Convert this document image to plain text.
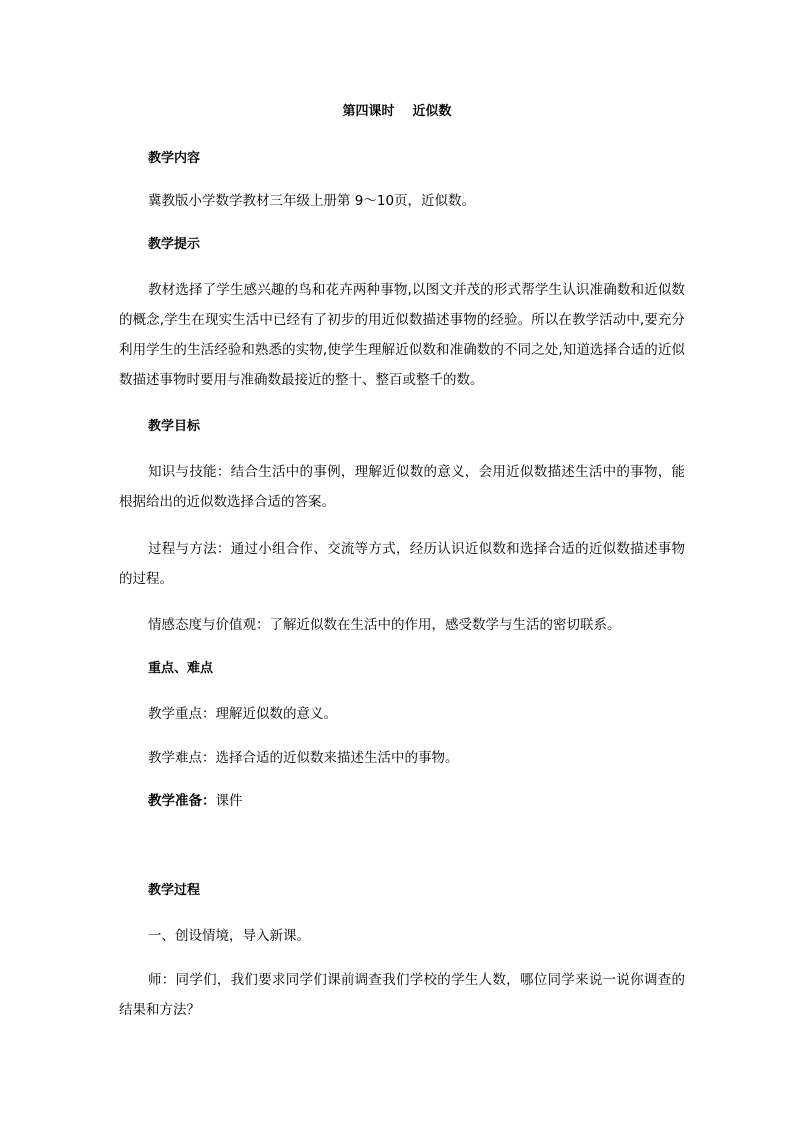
第四课时    近似数
教学内容
冀教版小学数学教材三年级上册第 9～10页，近似数。
教学提示
教材选择了学生感兴趣的鸟和花卉两种事物,以图文并茂的形式帮学生认识准确数和近似数的概念,学生在现实生活中已经有了初步的用近似数描述事物的经验。所以在教学活动中,要充分利用学生的生活经验和熟悉的实物,使学生理解近似数和准确数的不同之处,知道选择合适的近似数描述事物时要用与准确数最接近的整十、整百或整千的数。
教学目标
知识与技能：结合生活中的事例，理解近似数的意义，会用近似数描述生活中的事物，能根据给出的近似数选择合适的答案。
过程与方法：通过小组合作、交流等方式，经历认识近似数和选择合适的近似数描述事物的过程。
情感态度与价值观：了解近似数在生活中的作用，感受数学与生活的密切联系。
重点、难点
教学重点：理解近似数的意义。
教学难点：选择合适的近似数来描述生活中的事物。
教学准备：课件
教学过程
一、创设情境，导入新课。
师：同学们，我们要求同学们课前调查我们学校的学生人数，哪位同学来说一说你调查的结果和方法？
